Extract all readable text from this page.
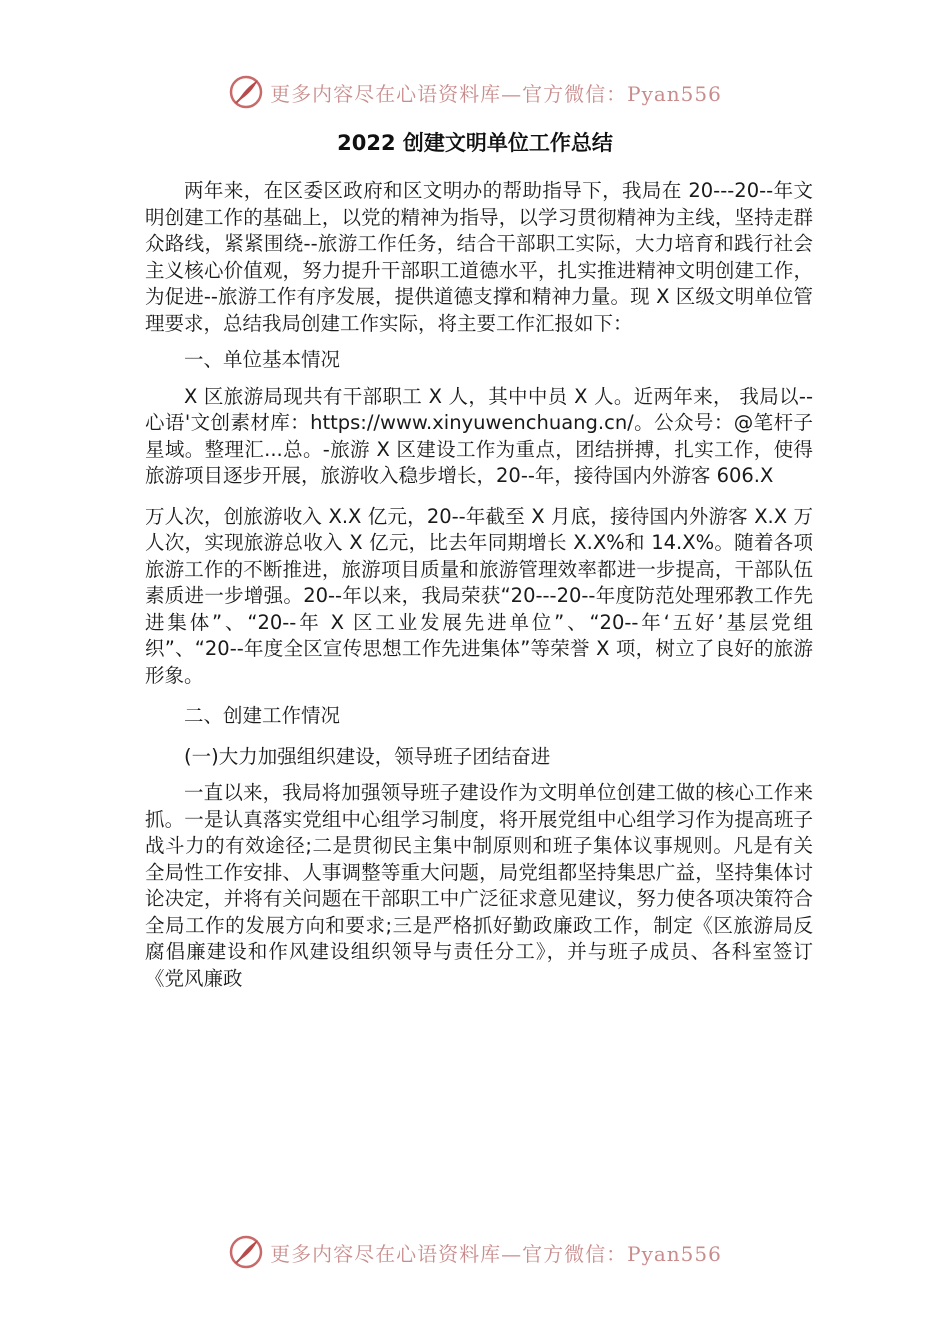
更多内容尽在心语资料库—官方微信：Pyan556
2022 创建文明单位工作总结

两年来，在区委区政府和区文明办的帮助指导下，我局在 20---20--年文明创建工作的基础上，以党的精神为指导，以学习贯彻精神为主线，坚持走群众路线，紧紧围绕--旅游工作任务，结合干部职工实际，大力培育和践行社会主义核心价值观，努力提升干部职工道德水平，扎实推进精神文明创建工作，为促进--旅游工作有序发展，提供道德支撑和精神力量。现 X 区级文明单位管理要求，总结我局创建工作实际，将主要工作汇报如下：

一、单位基本情况

X 区旅游局现共有干部职工 X 人，其中中员 X 人。近两年来， 我局以--心语'文创素材库：https://www.xinyuwenchuang.cn/。公众号：@笔杆子星域。整理汇...总。-旅游 X 区建设工作为重点，团结拼搏，扎实工作，使得旅游项目逐步开展，旅游收入稳步增长，20--年，接待国内外游客 606.X

万人次，创旅游收入 X.X 亿元，20--年截至 X 月底，接待国内外游客 X.X 万人次，实现旅游总收入 X 亿元，比去年同期增长 X.X%和 14.X%。随着各项旅游工作的不断推进，旅游项目质量和旅游管理效率都进一步提高，干部队伍素质进一步增强。20--年以来，我局荣获“20---20--年度防范处理邪教工作先进集体”、“20--年 X 区工业发展先进单位”、“20--年‘五好’基层党组织”、“20--年度全区宣传思想工作先进集体”等荣誉 X 项，树立了良好的旅游形象。

二、创建工作情况

(一)大力加强组织建设，领导班子团结奋进

一直以来，我局将加强领导班子建设作为文明单位创建工做的核心工作来抓。一是认真落实党组中心组学习制度，将开展党组中心组学习作为提高班子战斗力的有效途径;二是贯彻民主集中制原则和班子集体议事规则。凡是有关全局性工作安排、人事调整等重大问题，局党组都坚持集思广益，坚持集体讨论决定，并将有关问题在干部职工中广泛征求意见建议，努力使各项决策符合全局工作的发展方向和要求;三是严格抓好勤政廉政工作，制定《区旅游局反腐倡廉建设和作风建设组织领导与责任分工》，并与班子成员、各科室签订《党风廉政

更多内容尽在心语资料库—官方微信：Pyan556
